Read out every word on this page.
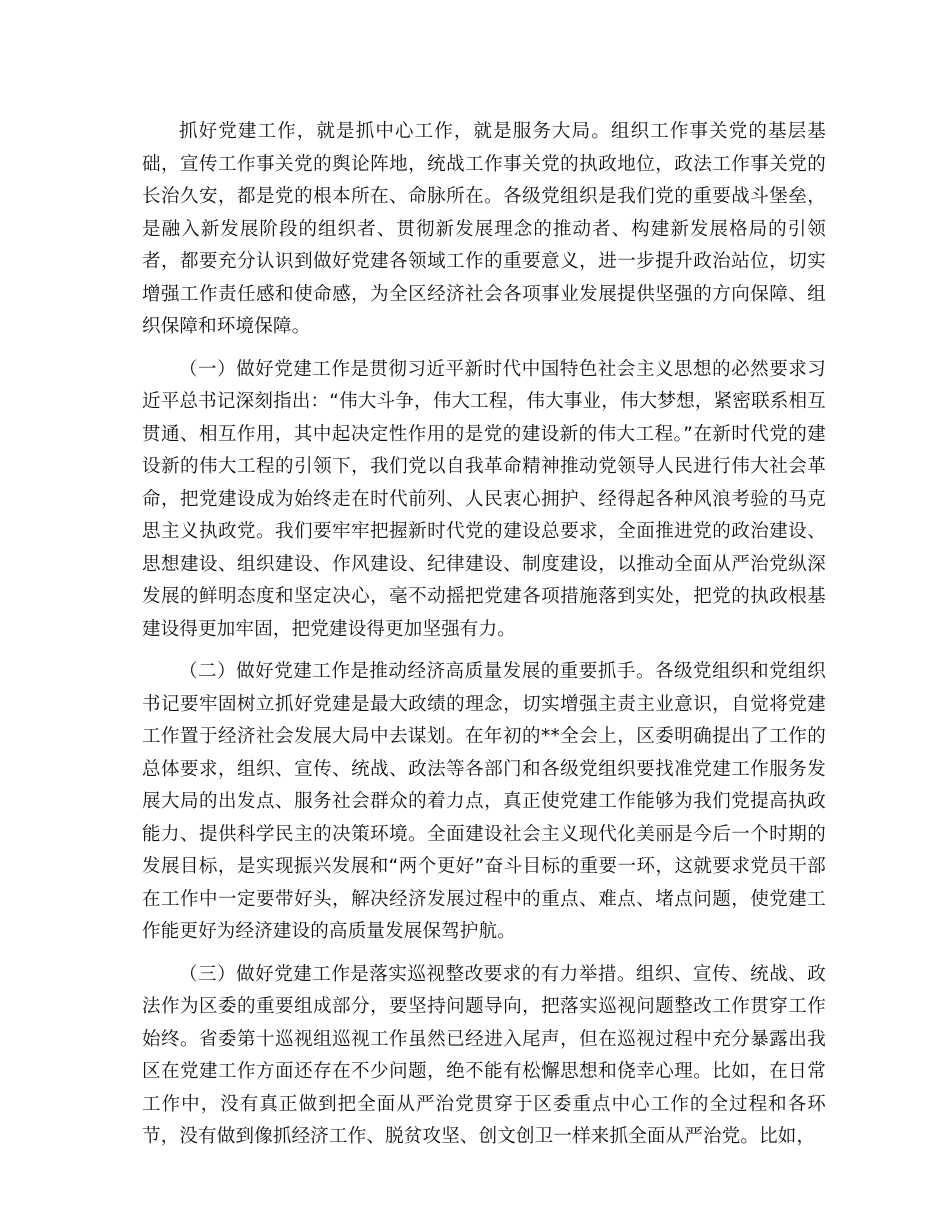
抓好党建工作，就是抓中心工作，就是服务大局。组织工作事关党的基层基础，宣传工作事关党的舆论阵地，统战工作事关党的执政地位，政法工作事关党的长治久安，都是党的根本所在、命脉所在。各级党组织是我们党的重要战斗堡垒，是融入新发展阶段的组织者、贯彻新发展理念的推动者、构建新发展格局的引领者，都要充分认识到做好党建各领域工作的重要意义，进一步提升政治站位，切实增强工作责任感和使命感，为全区经济社会各项事业发展提供坚强的方向保障、组织保障和环境保障。

（一）做好党建工作是贯彻习近平新时代中国特色社会主义思想的必然要求习近平总书记深刻指出：“伟大斗争，伟大工程，伟大事业，伟大梦想，紧密联系相互贯通、相互作用，其中起决定性作用的是党的建设新的伟大工程。”在新时代党的建设新的伟大工程的引领下，我们党以自我革命精神推动党领导人民进行伟大社会革命，把党建设成为始终走在时代前列、人民衷心拥护、经得起各种风浪考验的马克思主义执政党。我们要牢牢把握新时代党的建设总要求，全面推进党的政治建设、思想建设、组织建设、作风建设、纪律建设、制度建设，以推动全面从严治党纵深发展的鲜明态度和坚定决心，毫不动摇把党建各项措施落到实处，把党的执政根基建设得更加牢固，把党建设得更加坚强有力。

（二）做好党建工作是推动经济高质量发展的重要抓手。各级党组织和党组织书记要牢固树立抓好党建是最大政绩的理念，切实增强主责主业意识，自觉将党建工作置于经济社会发展大局中去谋划。在年初的**全会上，区委明确提出了工作的总体要求，组织、宣传、统战、政法等各部门和各级党组织要找准党建工作服务发展大局的出发点、服务社会群众的着力点，真正使党建工作能够为我们党提高执政能力、提供科学民主的决策环境。全面建设社会主义现代化美丽是今后一个时期的发展目标，是实现振兴发展和“两个更好”奋斗目标的重要一环，这就要求党员干部在工作中一定要带好头，解决经济发展过程中的重点、难点、堵点问题，使党建工作能更好为经济建设的高质量发展保驾护航。

（三）做好党建工作是落实巡视整改要求的有力举措。组织、宣传、统战、政法作为区委的重要组成部分，要坚持问题导向，把落实巡视问题整改工作贯穿工作始终。省委第十巡视组巡视工作虽然已经进入尾声，但在巡视过程中充分暴露出我区在党建工作方面还存在不少问题，绝不能有松懈思想和侥幸心理。比如，在日常工作中，没有真正做到把全面从严治党贯穿于区委重点中心工作的全过程和各环节，没有做到像抓经济工作、脱贫攻坚、创文创卫一样来抓全面从严治党。比如，
